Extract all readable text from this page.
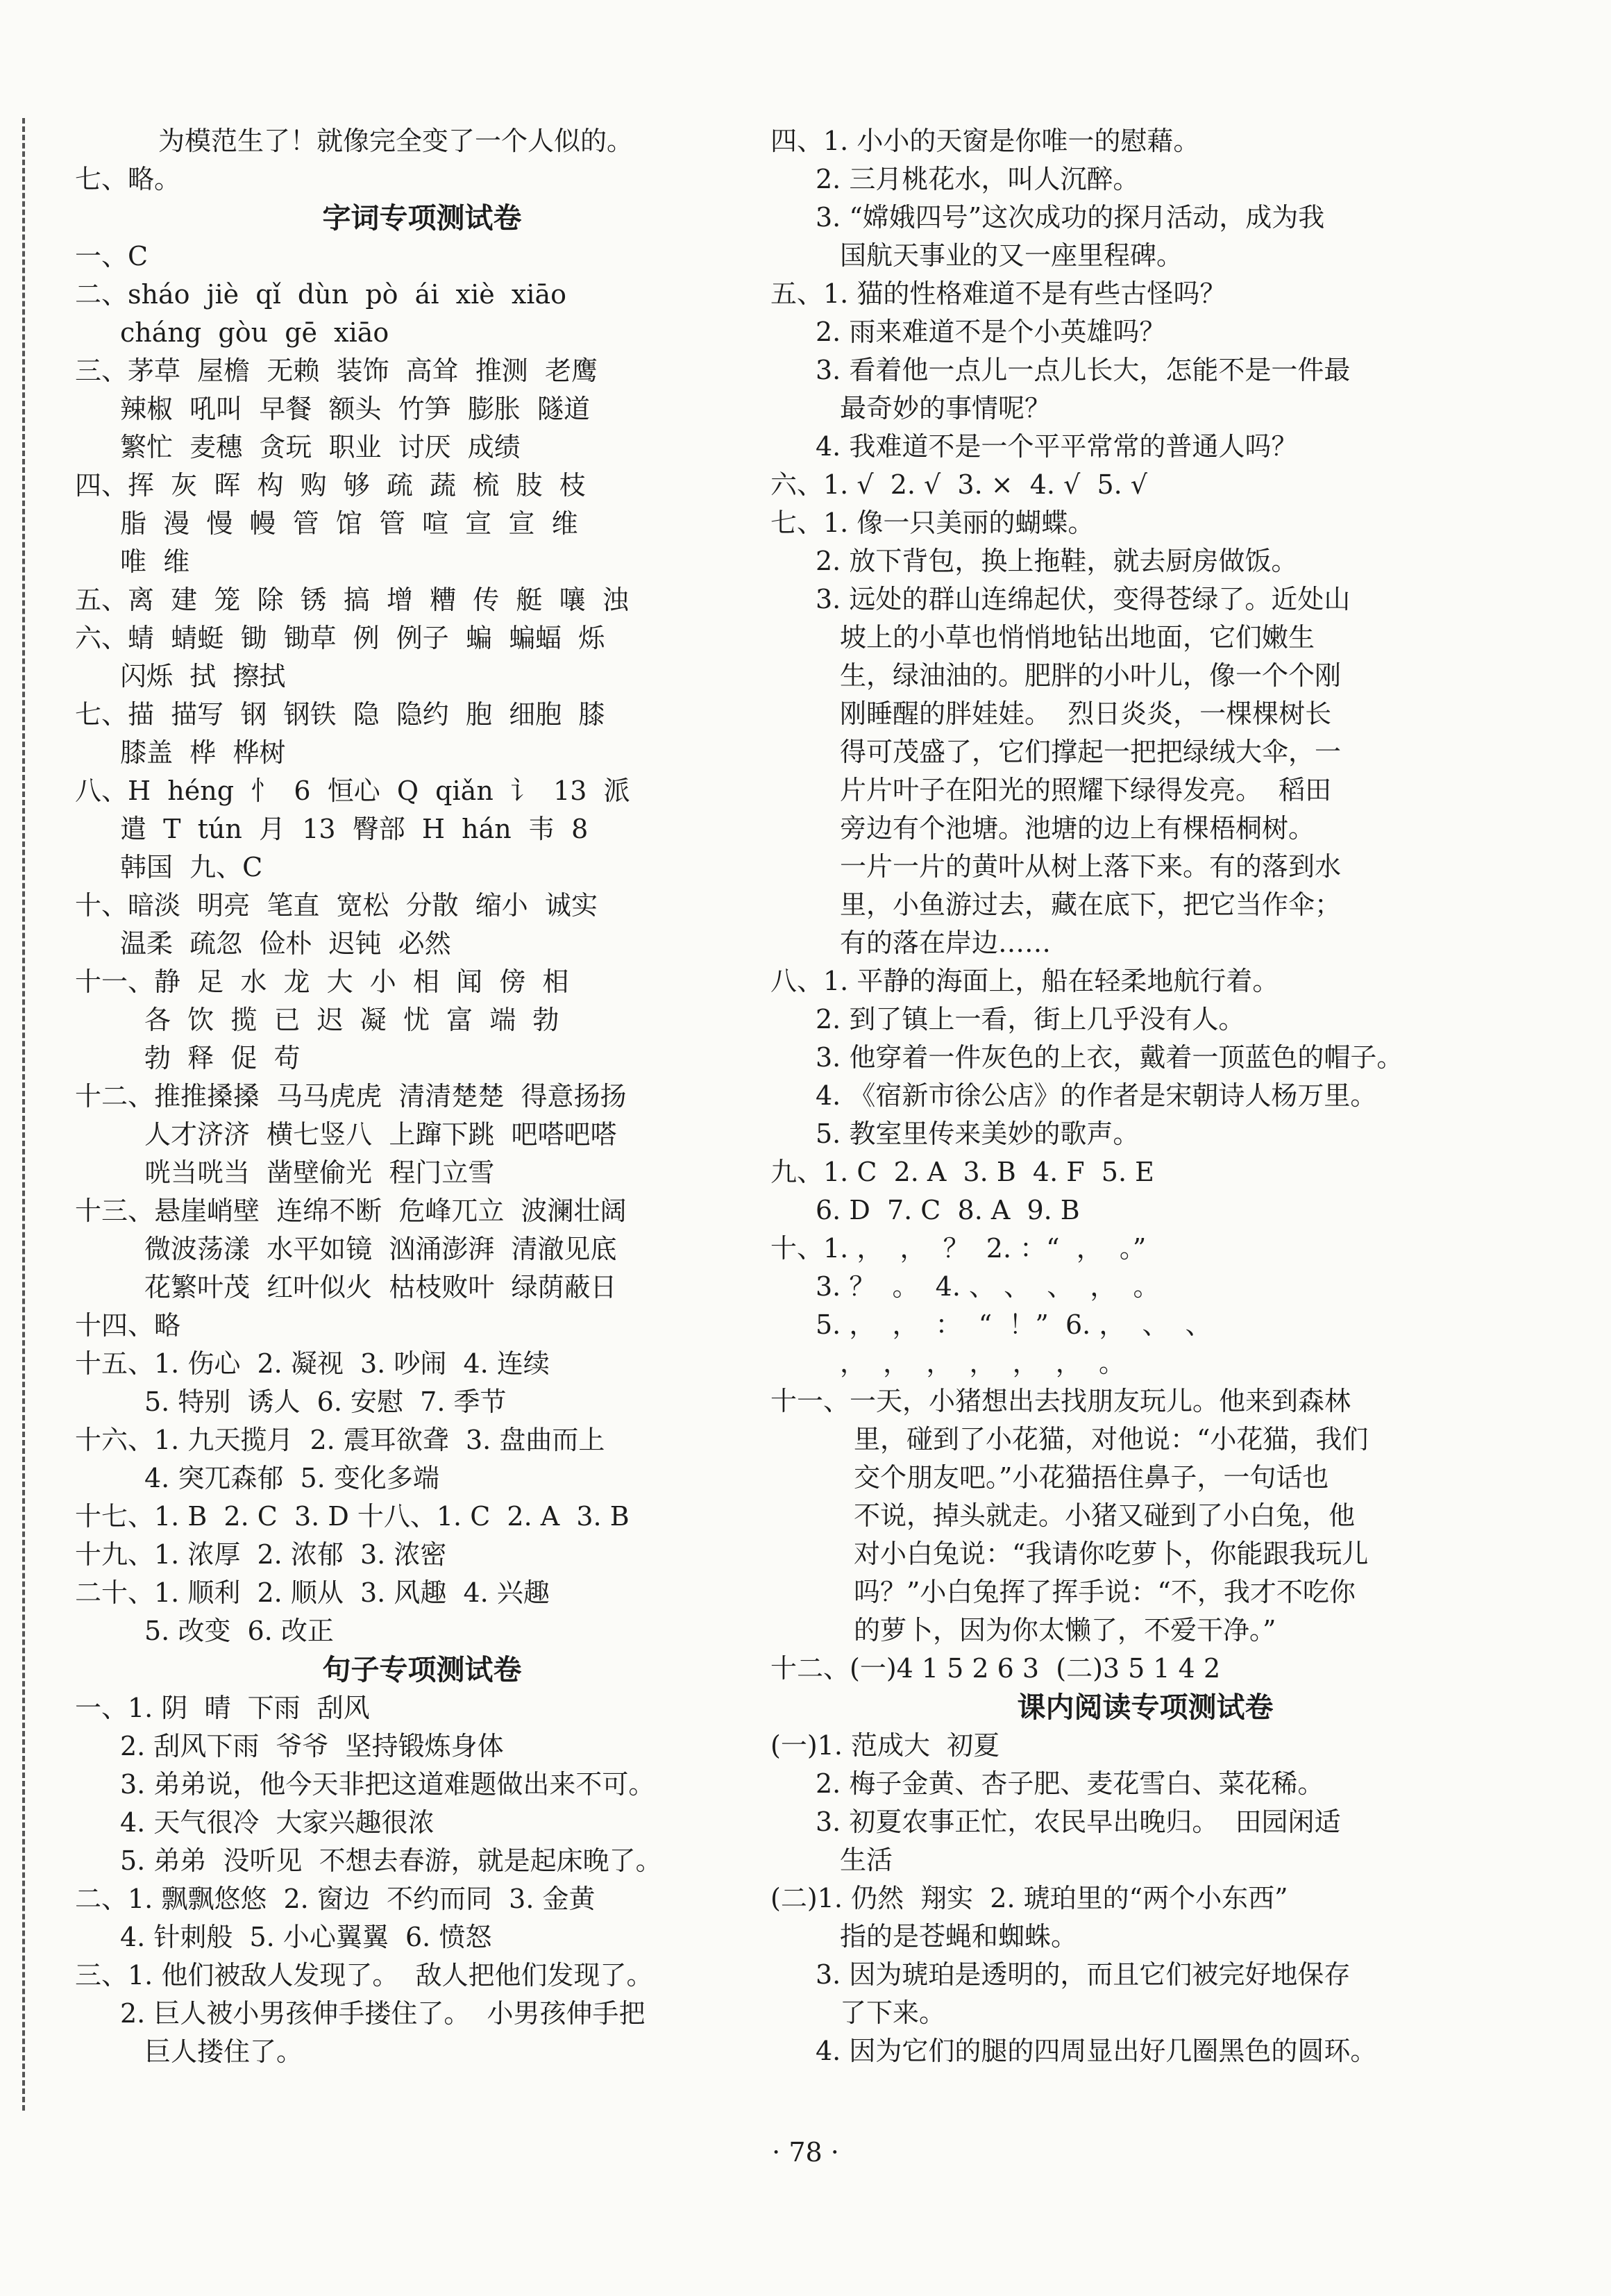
为模范生了！就像完全变了一个人似的。
七、略。
字词专项测试卷
一、C
二、sháo  jiè  qǐ  dùn  pò  ái  xiè  xiāo
cháng  gòu  gē  xiāo
三、茅草  屋檐  无赖  装饰  高耸  推测  老鹰
辣椒  吼叫  早餐  额头  竹笋  膨胀  隧道
繁忙  麦穗  贪玩  职业  讨厌  成绩
四、挥  灰  晖  构  购  够  疏  蔬  梳  肢  枝
脂  漫  慢  幔  管  馆  管  喧  宣  宣  维
唯  维
五、离  建  笼  除  锈  搞  增  糟  传  艇  嚷  浊
六、蜻  蜻蜓  锄  锄草  例  例子  蝙  蝙蝠  烁
闪烁  拭  擦拭
七、描  描写  钢  钢铁  隐  隐约  胞  细胞  膝
膝盖  桦  桦树
八、H  héng  忄  6  恒心  Q  qiǎn  讠  13  派
遣  T  tún  月  13  臀部  H  hán  韦  8
韩国  九、C
十、暗淡  明亮  笔直  宽松  分散  缩小  诚实
温柔  疏忽  俭朴  迟钝  必然
十一、静  足  水  龙  大  小  相  闻  傍  相
各  饮  揽  已  迟  凝  忧  富  端  勃
勃  释  促  苟
十二、推推搡搡  马马虎虎  清清楚楚  得意扬扬
人才济济  横七竖八  上蹿下跳  吧嗒吧嗒
咣当咣当  凿壁偷光  程门立雪
十三、悬崖峭壁  连绵不断  危峰兀立  波澜壮阔
微波荡漾  水平如镜  汹涌澎湃  清澈见底
花繁叶茂  红叶似火  枯枝败叶  绿荫蔽日
十四、略
十五、1. 伤心  2. 凝视  3. 吵闹  4. 连续
5. 特别  诱人  6. 安慰  7. 季节
十六、1. 九天揽月  2. 震耳欲聋  3. 盘曲而上
4. 突兀森郁  5. 变化多端
十七、1. B  2. C  3. D 十八、1. C  2. A  3. B
十九、1. 浓厚  2. 浓郁  3. 浓密
二十、1. 顺利  2. 顺从  3. 风趣  4. 兴趣
5. 改变  6. 改正
句子专项测试卷
一、1. 阴  晴  下雨  刮风
2. 刮风下雨  爷爷  坚持锻炼身体
3. 弟弟说，他今天非把这道难题做出来不可。
4. 天气很冷  大家兴趣很浓
5. 弟弟  没听见  不想去春游，就是起床晚了。
二、1. 飘飘悠悠  2. 窗边  不约而同  3. 金黄
4. 针刺般  5. 小心翼翼  6. 愤怒
三、1. 他们被敌人发现了。  敌人把他们发现了。
2. 巨人被小男孩伸手搂住了。  小男孩伸手把
巨人搂住了。
四、1. 小小的天窗是你唯一的慰藉。
2. 三月桃花水，叫人沉醉。
3. “嫦娥四号”这次成功的探月活动，成为我
国航天事业的又一座里程碑。
五、1. 猫的性格难道不是有些古怪吗？
2. 雨来难道不是个小英雄吗？
3. 看着他一点儿一点儿长大，怎能不是一件最
最奇妙的事情呢？
4. 我难道不是一个平平常常的普通人吗？
六、1. √  2. √  3. ×  4. √  5. √
七、1. 像一只美丽的蝴蝶。
2. 放下背包，换上拖鞋，就去厨房做饭。
3. 远处的群山连绵起伏，变得苍绿了。近处山
坡上的小草也悄悄地钻出地面，它们嫩生
生，绿油油的。肥胖的小叶儿，像一个个刚
刚睡醒的胖娃娃。  烈日炎炎，一棵棵树长
得可茂盛了，它们撑起一把把绿绒大伞，一
片片叶子在阳光的照耀下绿得发亮。  稻田
旁边有个池塘。池塘的边上有棵梧桐树。
一片一片的黄叶从树上落下来。有的落到水
里，小鱼游过去，藏在底下，把它当作伞；
有的落在岸边……
八、1. 平静的海面上，船在轻柔地航行着。
2. 到了镇上一看，街上几乎没有人。
3. 他穿着一件灰色的上衣，戴着一顶蓝色的帽子。
4. 《宿新市徐公店》的作者是宋朝诗人杨万里。
5. 教室里传来美妙的歌声。
九、1. C  2. A  3. B  4. F  5. E
6. D  7. C  8. A  9. B
十、1. ，  ，  ？  2. ：“  ，  。”
3. ？  。  4. 、 、  、  ，  。
5. ，  ，  ：  “  ！”  6. ，  、  、
，  ，  ，  ，  ，  ，  。
十一、一天，小猪想出去找朋友玩儿。他来到森林
里，碰到了小花猫，对他说：“小花猫，我们
交个朋友吧。”小花猫捂住鼻子，一句话也
不说，掉头就走。小猪又碰到了小白兔，他
对小白兔说：“我请你吃萝卜，你能跟我玩儿
吗？”小白兔挥了挥手说：“不，我才不吃你
的萝卜，因为你太懒了，不爱干净。”
十二、(一)4 1 5 2 6 3  (二)3 5 1 4 2
课内阅读专项测试卷
(一)1. 范成大  初夏
2. 梅子金黄、杏子肥、麦花雪白、菜花稀。
3. 初夏农事正忙，农民早出晚归。  田园闲适
生活
(二)1. 仍然  翔实  2. 琥珀里的“两个小东西”
指的是苍蝇和蜘蛛。
3. 因为琥珀是透明的，而且它们被完好地保存
了下来。
4. 因为它们的腿的四周显出好几圈黑色的圆环。
· 78 ·
